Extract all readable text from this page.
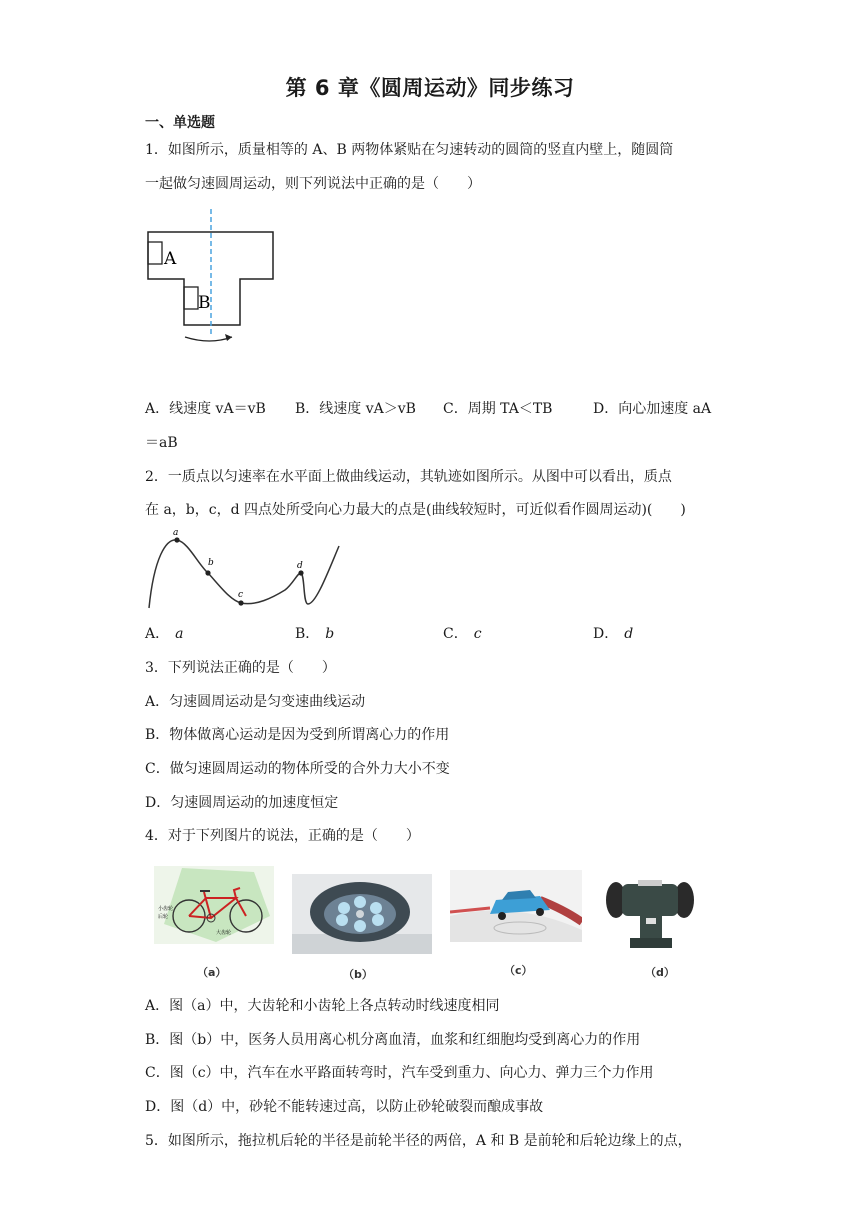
第 6 章《圆周运动》同步练习
一、单选题
1．如图所示，质量相等的 A、B 两物体紧贴在匀速转动的圆筒的竖直内壁上，随圆筒
一起做匀速圆周运动，则下列说法中正确的是（　　）
A
B
A．线速度 vA＝vB B．线速度 vA＞vB C．周期 TA＜TB	D．向心加速度 aA
＝aB
2．一质点以匀速率在水平面上做曲线运动，其轨迹如图所示。从图中可以看出，质点
在 a，b，c，d 四点处所受向心力最大的点是(曲线较短时，可近似看作圆周运动)(　　)
a
b
c
d
A． a	B． b	C． c	D． d
3．下列说法正确的是（　　）
A．匀速圆周运动是匀变速曲线运动
B．物体做离心运动是因为受到所谓离心力的作用
C．做匀速圆周运动的物体所受的合外力大小不变
D．匀速圆周运动的加速度恒定
4．对于下列图片的说法，正确的是（　　）
小齿轮
后轮
大齿轮
（a）	（b）	（c）	（d）
A．图（a）中，大齿轮和小齿轮上各点转动时线速度相同
B．图（b）中，医务人员用离心机分离血清，血浆和红细胞均受到离心力的作用
C．图（c）中，汽车在水平路面转弯时，汽车受到重力、向心力、弹力三个力作用
D．图（d）中，砂轮不能转速过高，以防止砂轮破裂而酿成事故
5．如图所示，拖拉机后轮的半径是前轮半径的两倍，A 和 B 是前轮和后轮边缘上的点，
